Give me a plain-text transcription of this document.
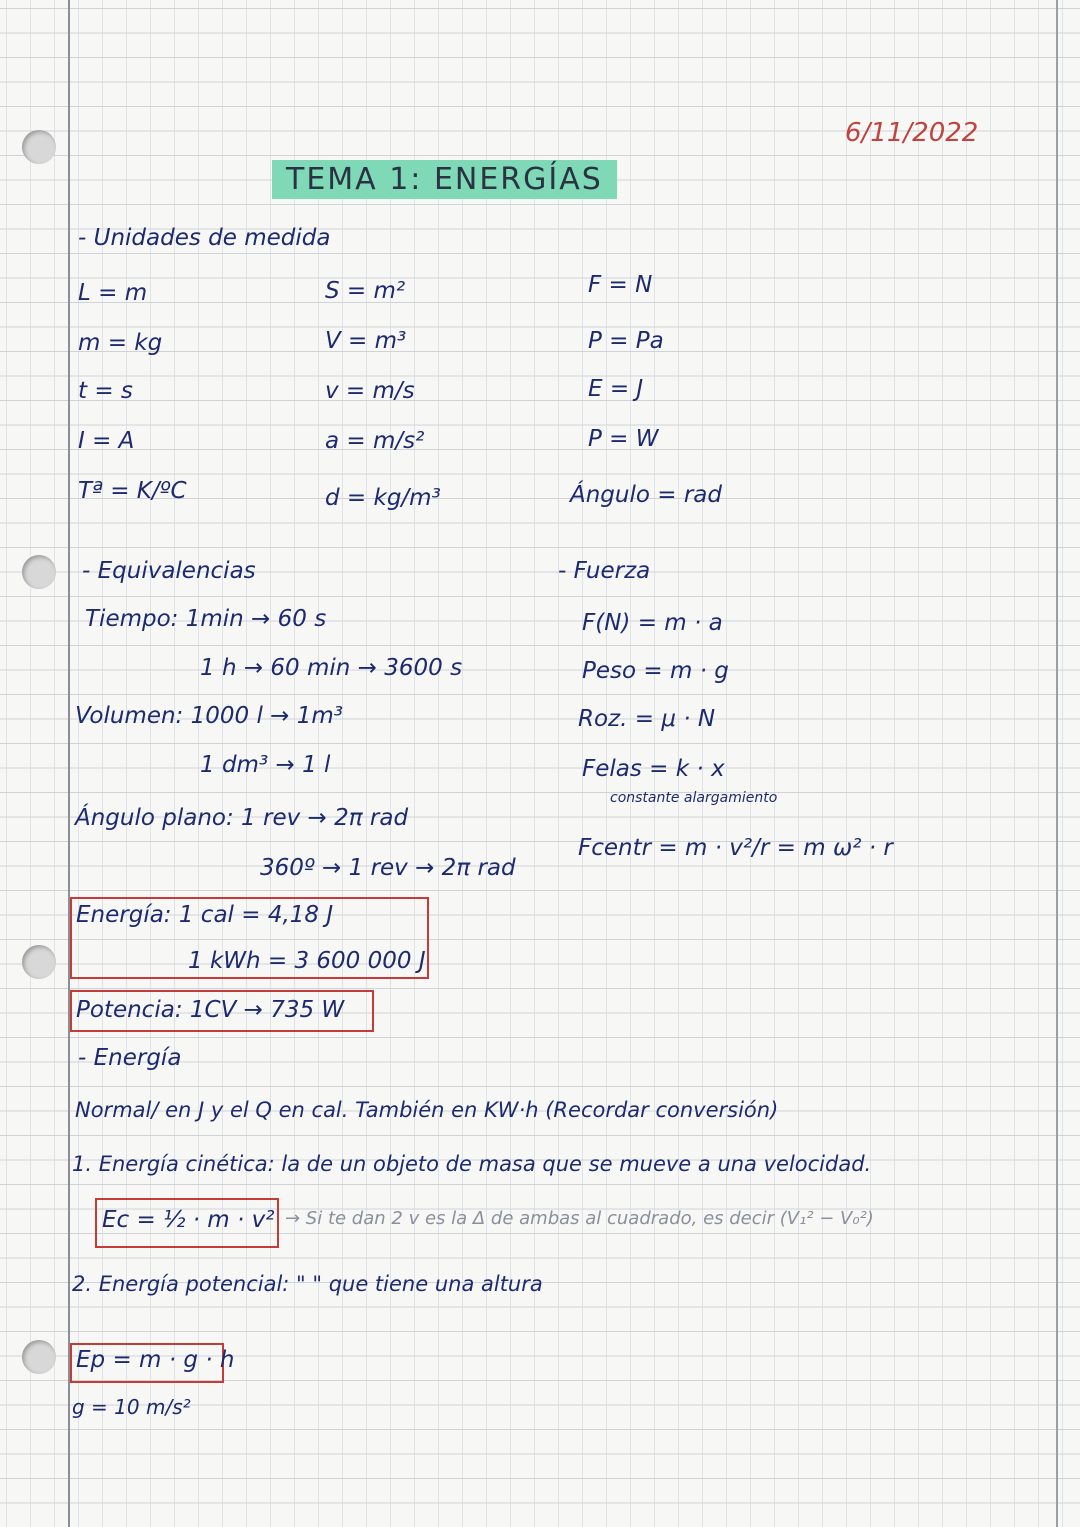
6/11/2022
TEMA 1: ENERGÍAS
- Unidades de medida
L = m
m = kg
t = s
I = A
Tª = K/ºC
S = m²
V = m³
v = m/s
a = m/s²
d = kg/m³
F = N
P = Pa
E = J
P = W
Ángulo = rad
- Equivalencias
Tiempo: 1min → 60 s
1 h → 60 min → 3600 s
Volumen: 1000 l → 1m³
1 dm³ → 1 l
Ángulo plano: 1 rev → 2π rad
360º → 1 rev → 2π rad
Energía: 1 cal = 4,18 J
1 kWh = 3 600 000 J
Potencia: 1CV → 735 W
- Fuerza
F(N) = m · a
Peso = m · g
Roz. = μ · N
Felas = k · x
constante alargamiento
Fcentr = m · v²/r = m ω² · r
- Energía
Normal/ en J y el Q en cal. También en KW·h (Recordar conversión)
1. Energía cinética: la de un objeto de masa que se mueve a una velocidad.
Ec = ½ · m · v² → Si te dan 2 v es la Δ de ambas al cuadrado, es decir (V₁² − V₀²)
2. Energía potencial: " " que tiene una altura
Ep = m · g · h
g = 10 m/s²
